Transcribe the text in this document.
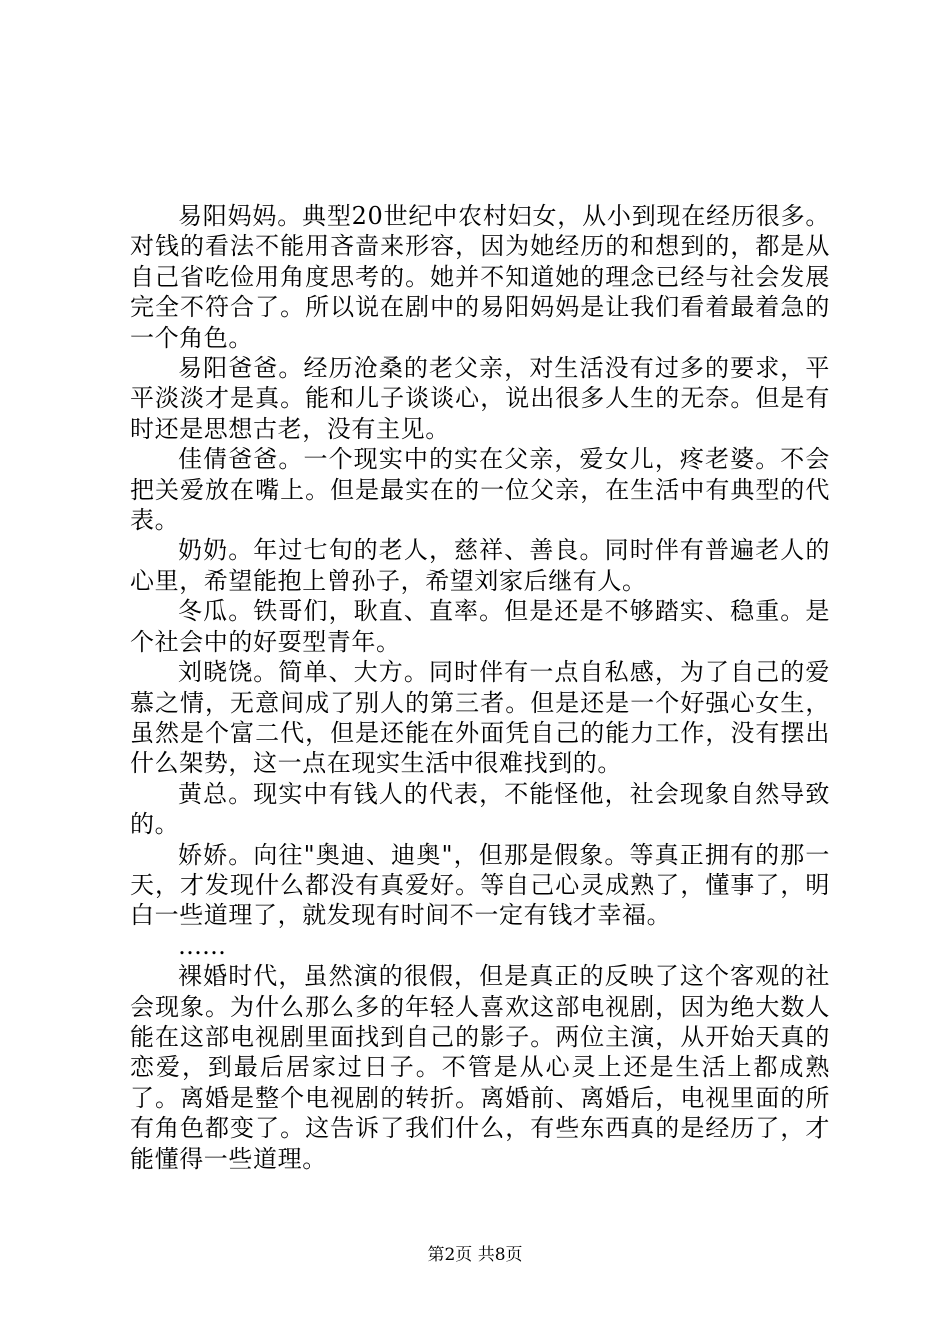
易阳妈妈。典型20世纪中农村妇女，从小到现在经历很多。对钱的看法不能用吝啬来形容，因为她经历的和想到的，都是从自己省吃俭用角度思考的。她并不知道她的理念已经与社会发展完全不符合了。所以说在剧中的易阳妈妈是让我们看着最着急的一个角色。

易阳爸爸。经历沧桑的老父亲，对生活没有过多的要求，平平淡淡才是真。能和儿子谈谈心，说出很多人生的无奈。但是有时还是思想古老，没有主见。

佳倩爸爸。一个现实中的实在父亲，爱女儿，疼老婆。不会把关爱放在嘴上。但是最实在的一位父亲，在生活中有典型的代表。

奶奶。年过七旬的老人，慈祥、善良。同时伴有普遍老人的心里，希望能抱上曾孙子，希望刘家后继有人。

冬瓜。铁哥们，耿直、直率。但是还是不够踏实、稳重。是个社会中的好耍型青年。

刘晓饶。简单、大方。同时伴有一点自私感，为了自己的爱慕之情，无意间成了别人的第三者。但是还是一个好强心女生，虽然是个富二代，但是还能在外面凭自己的能力工作，没有摆出什么架势，这一点在现实生活中很难找到的。

黄总。现实中有钱人的代表，不能怪他，社会现象自然导致的。

娇娇。向往"奥迪、迪奥"，但那是假象。等真正拥有的那一天，才发现什么都没有真爱好。等自己心灵成熟了，懂事了，明白一些道理了，就发现有时间不一定有钱才幸福。

……

裸婚时代，虽然演的很假，但是真正的反映了这个客观的社会现象。为什么那么多的年轻人喜欢这部电视剧，因为绝大数人能在这部电视剧里面找到自己的影子。两位主演，从开始天真的恋爱，到最后居家过日子。不管是从心灵上还是生活上都成熟了。离婚是整个电视剧的转折。离婚前、离婚后，电视里面的所有角色都变了。这告诉了我们什么，有些东西真的是经历了，才能懂得一些道理。

第2页 共8页
